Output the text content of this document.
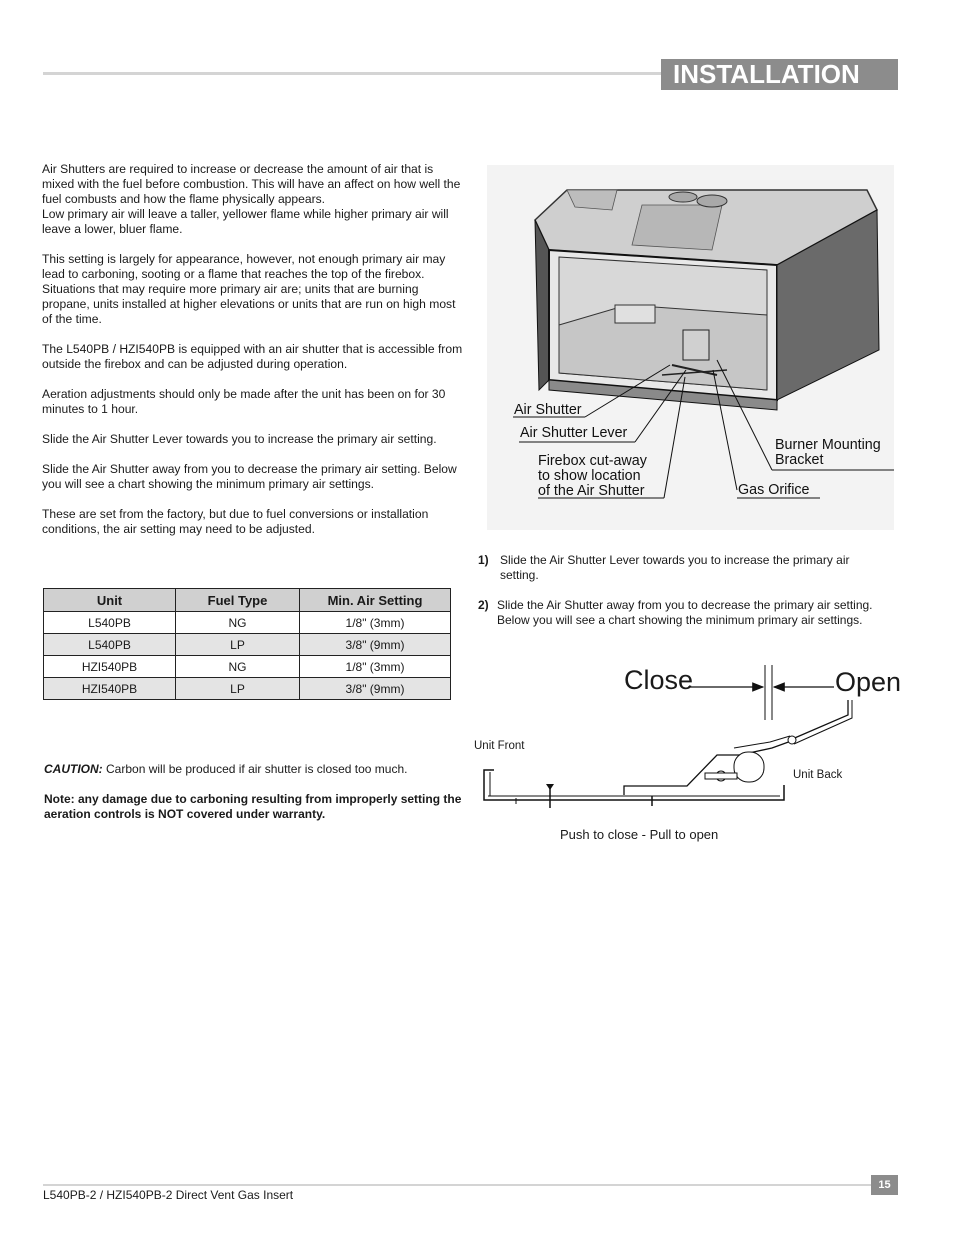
INSTALLATION

Air Shutters are required to increase or decrease the amount of air that is mixed with the fuel before combustion. This will have an affect on how well the fuel combusts and how the flame physically appears.

Low primary air will leave a taller, yellower flame while higher primary air will leave a lower, bluer flame.

This setting is largely for appearance, however, not enough primary air may lead to carboning, sooting or a flame that reaches the top of the firebox. Situations that may require more primary air are; units that are burning propane, units installed at higher elevations or units that are run on high most of the time.

The L540PB / HZI540PB is equipped with an air shutter that is accessible from outside the firebox and can be adjusted during operation.

Aeration adjustments should only be made after the unit has been on for 30 minutes to 1 hour.

Slide the Air Shutter Lever towards you to increase the primary air setting.

Slide the Air Shutter away from you to decrease the primary air setting. Below you will see a chart showing the minimum primary air settings.

These are set from the factory, but due to fuel conversions or installation conditions, the air setting may need to be adjusted.

Unit	Fuel Type	Min. Air Setting
L540PB	NG	1/8" (3mm)
L540PB	LP	3/8" (9mm)
HZI540PB	NG	1/8" (3mm)
HZI540PB	LP	3/8" (9mm)
CAUTION: Carbon will be produced if air shutter is closed too much.
Note: any damage due to carboning resulting from improperly setting the aeration controls is NOT covered under warranty.
Air Shutter
Air Shutter Lever
Firebox cut-away
to show location
of the Air Shutter
Burner Mounting
Bracket
Gas Orifice
1) Slide the Air Shutter Lever towards you to increase the primary air setting.
2) Slide the Air Shutter away from you to decrease the primary air setting. Below you will see a chart showing the minimum primary air settings.
Close	Open
Unit Front
Unit Back
Push to close - Pull to open
L540PB-2 / HZI540PB-2 Direct Vent Gas Insert
15
